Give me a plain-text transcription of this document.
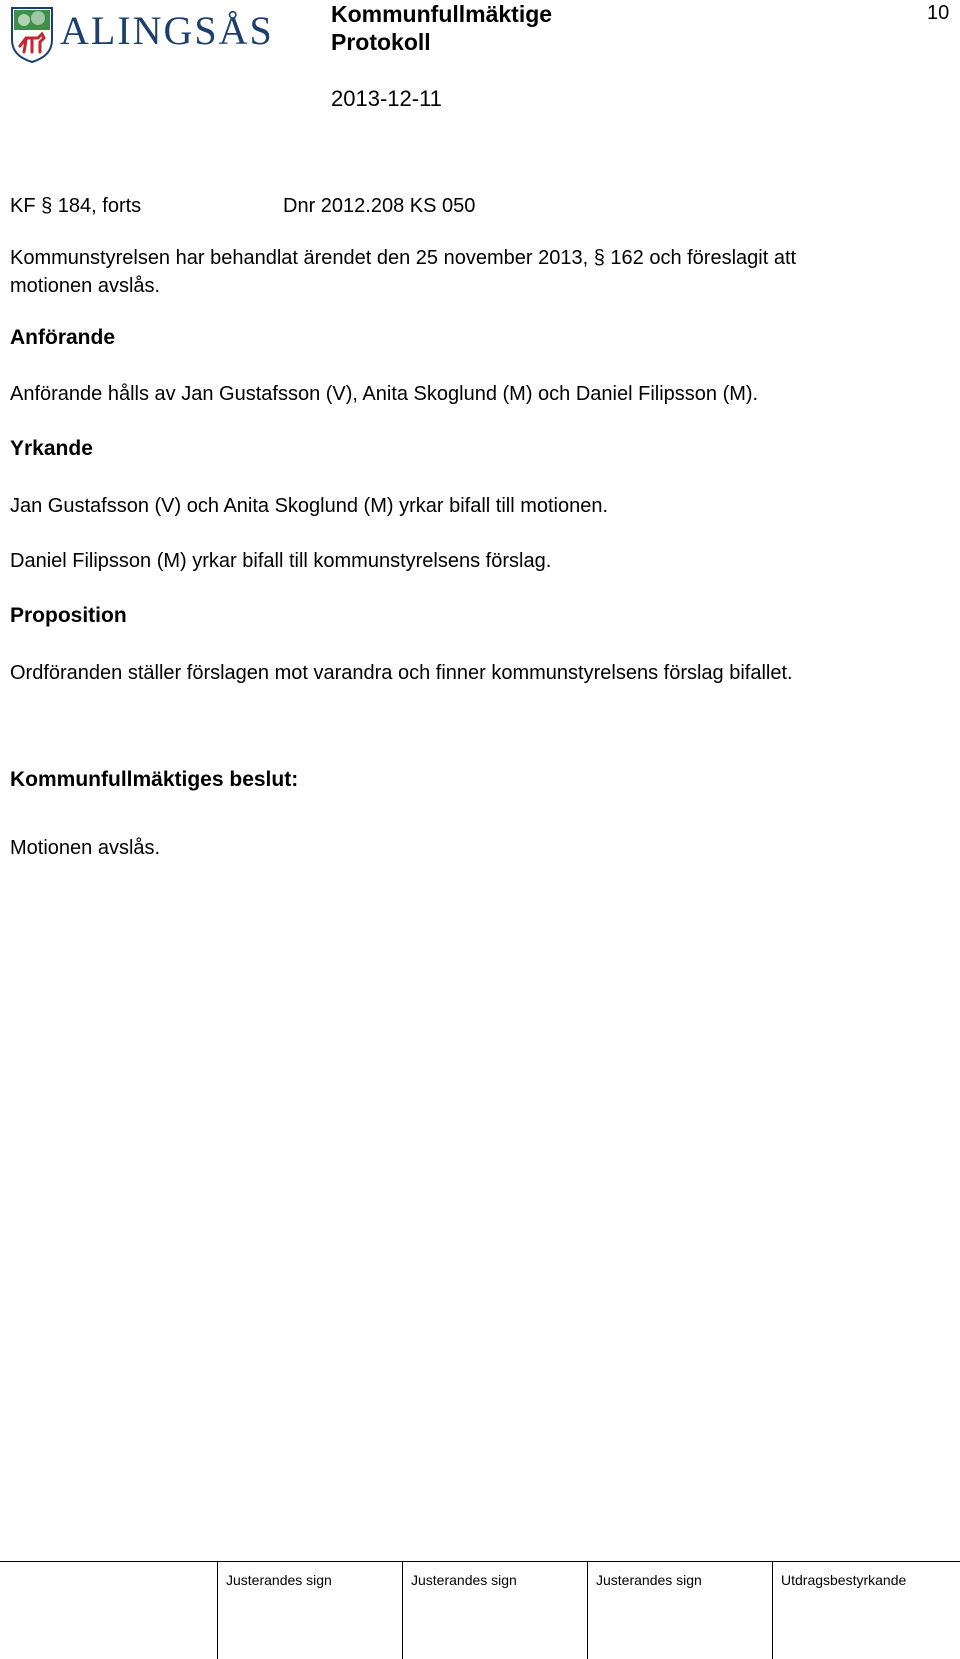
ALINGSÅS Kommunfullmäktige
Protokoll
2013-12-11
10
KF § 184, forts	Dnr 2012.208 KS 050
Kommunstyrelsen har behandlat ärendet den 25 november 2013, § 162 och föreslagit att
motionen avslås.
Anförande
Anförande hålls av Jan Gustafsson (V), Anita Skoglund (M) och Daniel Filipsson (M).
Yrkande
Jan Gustafsson (V) och Anita Skoglund (M) yrkar bifall till motionen.
Daniel Filipsson (M) yrkar bifall till kommunstyrelsens förslag.
Proposition
Ordföranden ställer förslagen mot varandra och finner kommunstyrelsens förslag bifallet.
Kommunfullmäktiges beslut:
Motionen avslås.
Justerandes sign	Justerandes sign	Justerandes sign	Utdragsbestyrkande
